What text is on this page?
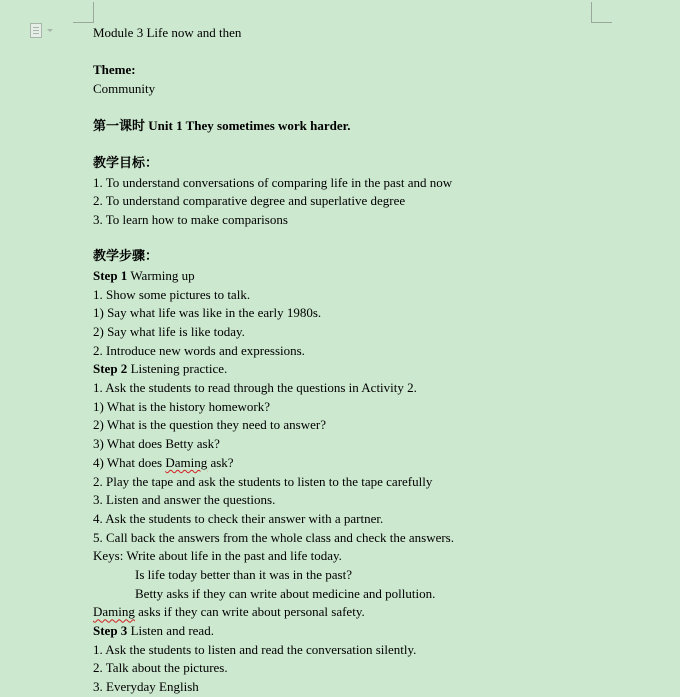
Module 3 Life now and then
Theme:
Community
第一课时 Unit 1 They sometimes work harder.
教学目标：
1. To understand conversations of comparing life in the past and now
2. To understand comparative degree and superlative degree
3. To learn how to make comparisons
教学步骤：
Step 1 Warming up
1. Show some pictures to talk.
1) Say what life was like in the early 1980s.
2) Say what life is like today.
2. Introduce new words and expressions.
Step 2 Listening practice.
1. Ask the students to read through the questions in Activity 2.
1) What is the history homework?
2) What is the question they need to answer?
3) What does Betty ask?
4) What does Daming ask?
2. Play the tape and ask the students to listen to the tape carefully
3. Listen and answer the questions.
4. Ask the students to check their answer with a partner.
5. Call back the answers from the whole class and check the answers.
Keys: Write about life in the past and life today.
Is life today better than it was in the past?
Betty asks if they can write about medicine and pollution.
Daming asks if they can write about personal safety.
Step 3 Listen and read.
1. Ask the students to listen and read the conversation silently.
2. Talk about the pictures.
3. Everyday English
